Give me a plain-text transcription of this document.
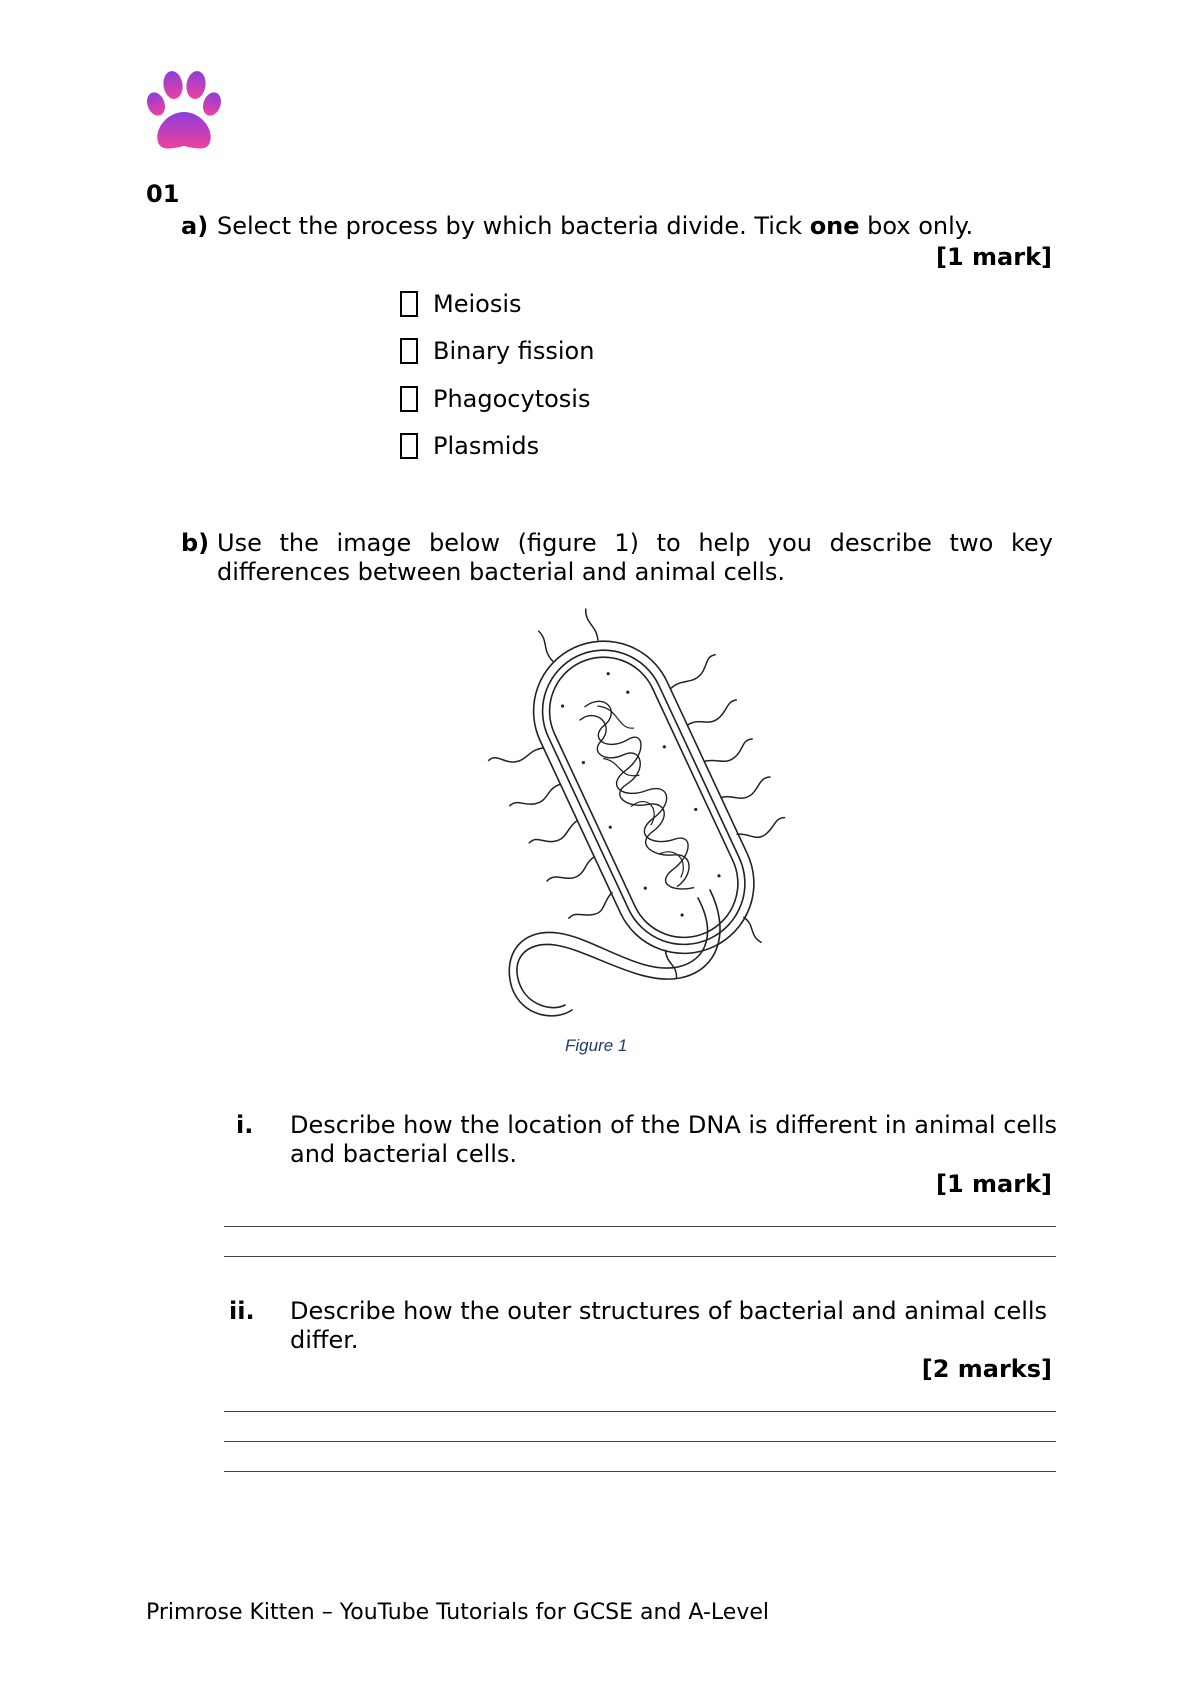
01
a) Select the process by which bacteria divide. Tick one box only.
[1 mark]
Meiosis
Binary fission
Phagocytosis
Plasmids
b) Use the image below (figure 1) to help you describe two key
differences between bacterial and animal cells.
Figure 1
i. Describe how the location of the DNA is different in animal cells
and bacterial cells.
[1 mark]
ii. Describe how the outer structures of bacterial and animal cells
differ.
[2 marks]
Primrose Kitten – YouTube Tutorials for GCSE and A-Level
